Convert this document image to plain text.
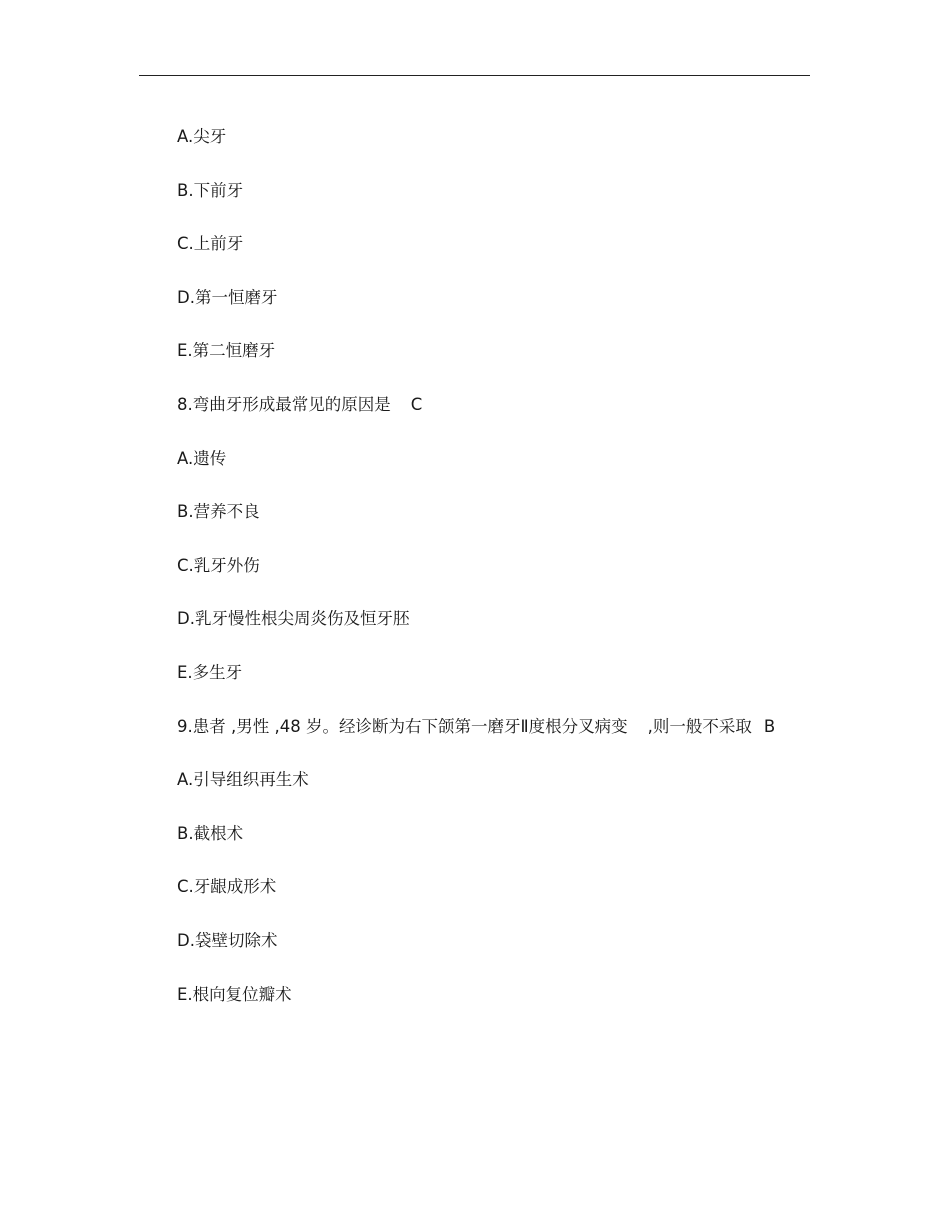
A.尖牙
B.下前牙
C.上前牙
D.第一恒磨牙
E.第二恒磨牙
8.弯曲牙形成最常见的原因是 C
A.遗传
B.营养不良
C.乳牙外伤
D.乳牙慢性根尖周炎伤及恒牙胚
E.多生牙
9.患者 ,男性 ,48 岁。经诊断为右下颌第一磨牙Ⅱ度根分叉病变 ,则一般不采取 B
A.引导组织再生术
B.截根术
C.牙龈成形术
D.袋壁切除术
E.根向复位瓣术
